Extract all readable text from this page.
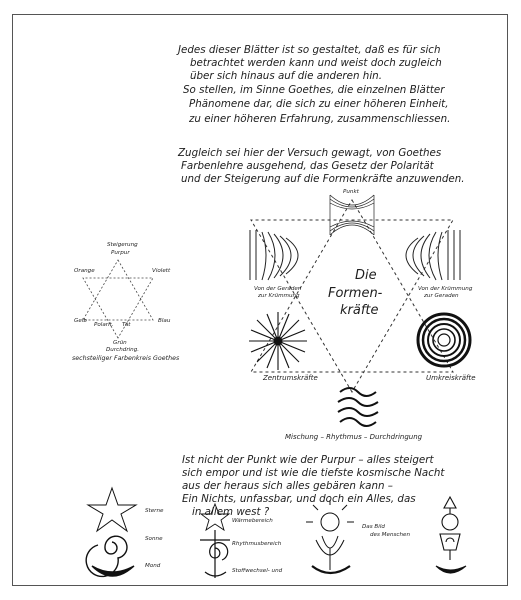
Jedes dieser Blätter ist so gestaltet, daß es für sich
betrachtet werden kann und weist doch zugleich
über sich hinaus auf die anderen hin.
So stellen, im Sinne Goethes, die einzelnen Blätter
Phänomene dar, die sich zu einer höheren Einheit,
zu einer höheren Erfahrung, zusammenschliessen.
Zugleich sei hier der Versuch gewagt, von Goethes
Farbenlehre ausgehend, das Gesetz der Polarität
und der Steigerung auf die Formenkräfte anzuwenden.
Steigerung
Purpur
Orange	Violett
Gelb	Blau
Polarit. Tät
Grün
Durchdring.
sechsteiliger Farbenkreis Goethes
Die
Formen-
kräfte
Punkt
Von der Geraden
zur Krümmung
Von der Krümmung
zur Geraden
Zentrumskräfte	Umkreiskräfte
Mischung – Rhythmus – Durchdringung
Ist nicht der Punkt wie der Purpur – alles steigert
sich empor und ist wie die tiefste kosmische Nacht
aus der heraus sich alles gebären kann –
Ein Nichts, unfassbar, und doch ein Alles, das
in allem west ?
Sterne
Sonne
Mond
Wärmebereich
Rhythmusbereich
Stoffwechsel- und
Das Bild
des Menschen
